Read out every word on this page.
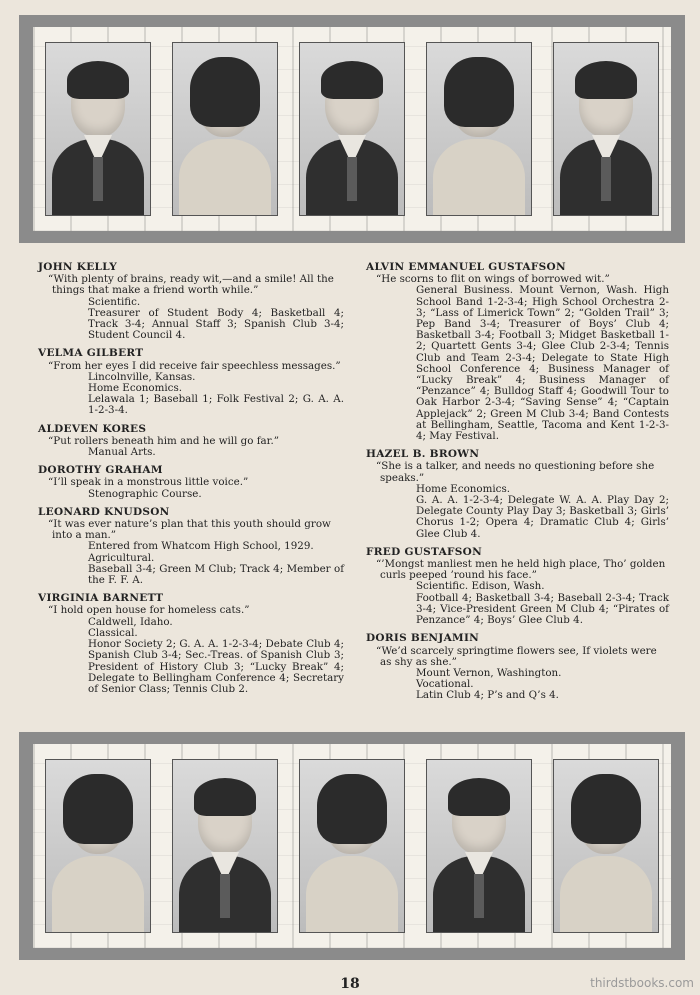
JOHN KELLY
“With plenty of brains, ready wit,—and a smile! All the things that make a friend worth while.”
Scientific.
Treasurer of Student Body 4; Basketball 4; Track 3-4; Annual Staff 3; Spanish Club 3-4; Student Council 4.
VELMA GILBERT
“From her eyes I did receive fair speechless messages.”
Lincolnville, Kansas.
Home Economics.
Lelawala 1; Baseball 1; Folk Festival 2; G. A. A. 1-2-3-4.
ALDEVEN KORES
“Put rollers beneath him and he will go far.”
Manual Arts.
DOROTHY GRAHAM
“I’ll speak in a monstrous little voice.”
Stenographic Course.
LEONARD KNUDSON
“It was ever nature’s plan that this youth should grow into a man.”
Entered from Whatcom High School, 1929.
Agricultural.
Baseball 3-4; Green M Club; Track 4; Member of the F. F. A.
VIRGINIA BARNETT
“I hold open house for homeless cats.”
Caldwell, Idaho.
Classical.
Honor Society 2; G. A. A. 1-2-3-4; Debate Club 4; Spanish Club 3-4; Sec.-Treas. of Spanish Club 3; President of History Club 3; “Lucky Break” 4; Delegate to Bellingham Conference 4; Secretary of Senior Class; Tennis Club 2.
ALVIN EMMANUEL GUSTAFSON
“He scorns to flit on wings of borrowed wit.”
General Business. Mount Vernon, Wash. High School Band 1-2-3-4; High School Orchestra 2-3; “Lass of Limerick Town” 2; “Golden Trail” 3; Pep Band 3-4; Treasurer of Boys’ Club 4; Basketball 3-4; Football 3; Midget Basketball 1-2; Quartett Gents 3-4; Glee Club 2-3-4; Tennis Club and Team 2-3-4; Delegate to State High School Conference 4; Business Manager of “Lucky Break” 4; Business Manager of “Penzance” 4; Bulldog Staff 4; Goodwill Tour to Oak Harbor 2-3-4; “Saving Sense” 4; “Captain Applejack” 2; Green M Club 3-4; Band Contests at Bellingham, Seattle, Tacoma and Kent 1-2-3-4; May Festival.
HAZEL B. BROWN
“She is a talker, and needs no questioning before she speaks.”
Home Economics.
G. A. A. 1-2-3-4; Delegate W. A. A. Play Day 2; Delegate County Play Day 3; Basketball 3; Girls’ Chorus 1-2; Opera 4; Dramatic Club 4; Girls’ Glee Club 4.
FRED GUSTAFSON
“’Mongst manliest men he held high place, Tho’ golden curls peeped ’round his face.”
Scientific. Edison, Wash.
Football 4; Basketball 3-4; Baseball 2-3-4; Track 3-4; Vice-President Green M Club 4; “Pirates of Penzance” 4; Boys’ Glee Club 4.
DORIS BENJAMIN
“We’d scarcely springtime flowers see, If violets were as shy as she.”
Mount Vernon, Washington.
Vocational.
Latin Club 4; P’s and Q’s 4.
18	thirdstbooks.com
